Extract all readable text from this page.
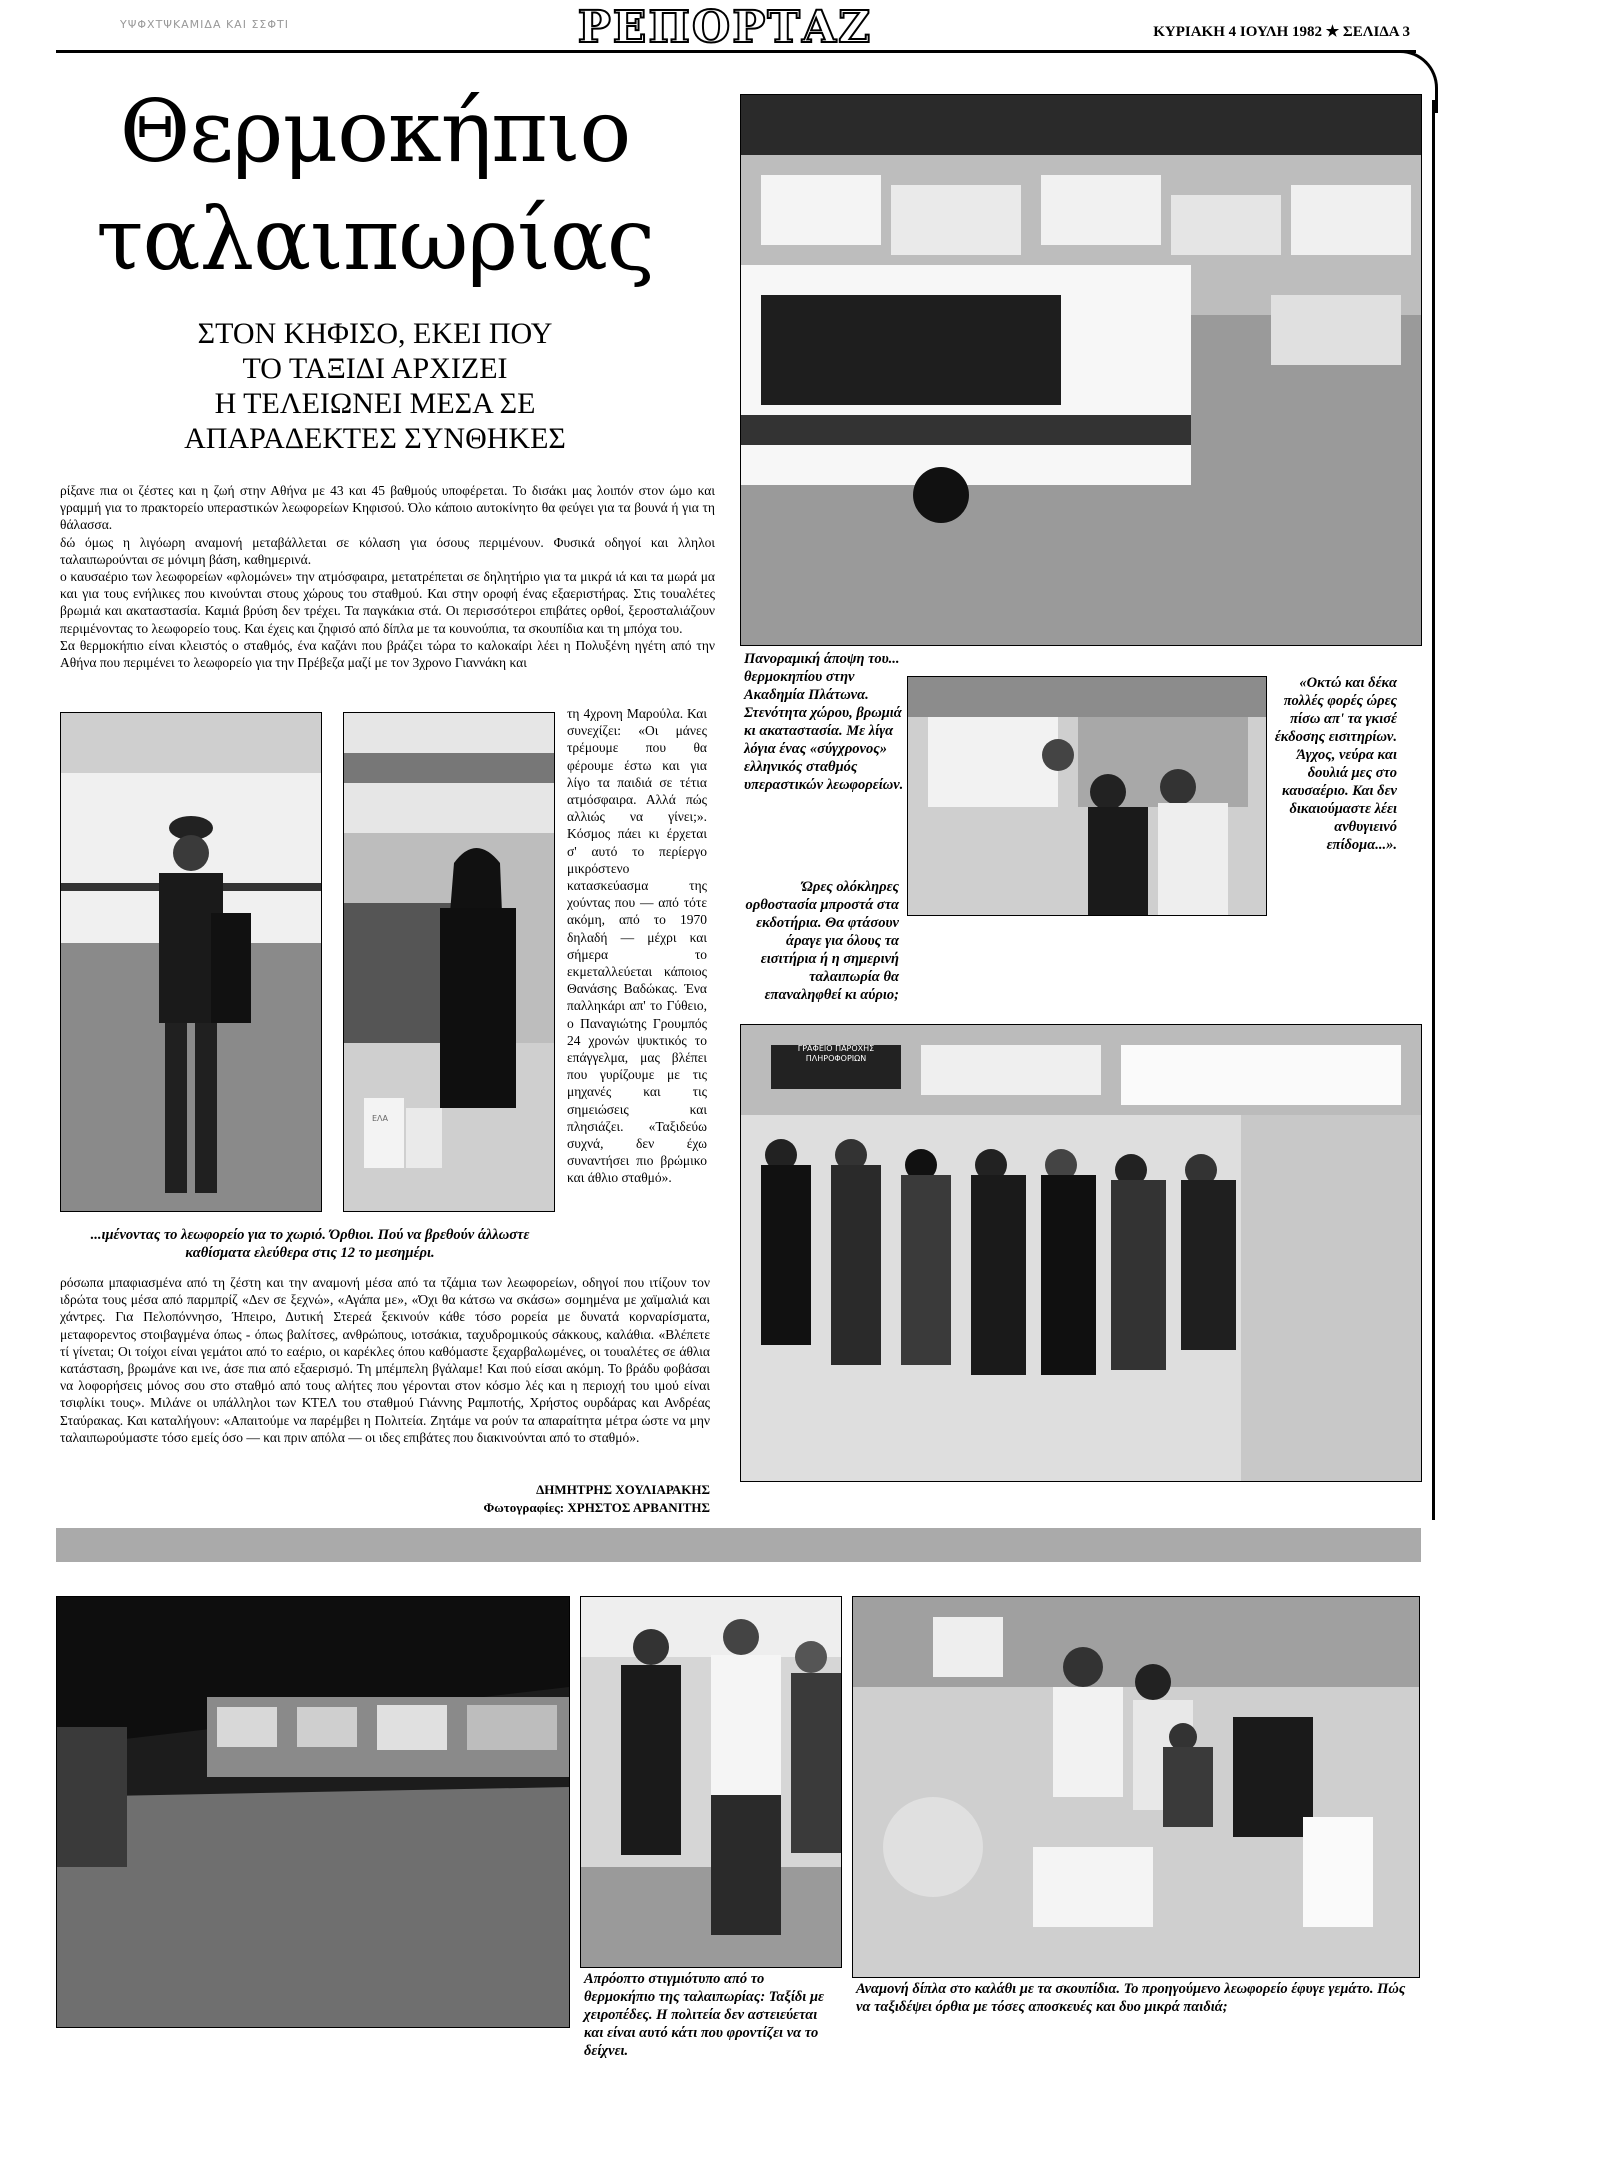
ΥΨΦΧΤΨΚΑΜΙΔΑ ΚΑΙ ΣΣΦΤΙ	ΡΕΠΟΡΤΑΖ	ΚΥΡΙΑΚΗ 4 ΙΟΥΛΗ 1982 ★ ΣΕΛΙΔΑ 3
Θερμοκήπιο
ταλαιπωρίας
ΣΤΟΝ ΚΗΦΙΣΟ, ΕΚΕΙ ΠΟΥ
ΤΟ ΤΑΞΙΔΙ ΑΡΧΙΖΕΙ
Η ΤΕΛΕΙΩΝΕΙ ΜΕΣΑ ΣΕ
ΑΠΑΡΑΔΕΚΤΕΣ ΣΥΝΘΗΚΕΣ

ρίξανε πια οι ζέστες και η ζωή στην Αθήνα με 43 και 45 βαθμούς υποφέρεται. Το δισάκι μας λοιπόν στον ώμο και γραμμή για το πρακτορείο υπεραστικών λεωφορείων Κηφισού. Όλο κάποιο αυτοκίνητο θα φεύγει για τα βουνά ή για τη θάλασσα.

δώ όμως η λιγόωρη αναμονή μεταβάλλεται σε κόλαση για όσους περιμένουν. Φυσικά οδηγοί και λληλοι ταλαιπωρούνται σε μόνιμη βάση, καθημερινά.

ο καυσαέριο των λεωφορείων «φλομώνει» την ατμόσφαιρα, μετατρέπεται σε δηλητήριο για τα μικρά ιά και τα μωρά μα και για τους ενήλικες που κινούνται στους χώρους του σταθμού. Και στην οροφή ένας εξαεριστήρας. Στις τουαλέτες βρωμιά και ακαταστασία. Καμιά βρύση δεν τρέχει. Τα παγκάκια στά. Οι περισσότεροι επιβάτες ορθοί, ξεροσταλιάζουν περιμένοντας το λεωφορείο τους. Και έχεις και ζηφισό από δίπλα με τα κουνούπια, τα σκουπίδια και τη μπόχα του.

Σα θερμοκήπιο είναι κλειστός ο σταθμός, ένα καζάνι που βράζει τώρα το καλοκαίρι λέει η Πολυξένη ηγέτη από την Αθήνα που περιμένει το λεωφορείο για την Πρέβεζα μαζί με τον 3χρονο Γιαννάκη και

ΕΛΑ

τη 4χρονη Μαρούλα. Και συνεχίζει: «Οι μάνες τρέμουμε που θα φέρουμε έστω και για λίγο τα παιδιά σε τέτια ατμόσφαιρα. Αλλά πώς αλλιώς να γίνει;». Κόσμος πάει κι έρχεται σ' αυτό το περίεργο μικρόστενο κατασκεύασμα της χούντας που — από τότε ακόμη, από το 1970 δηλαδή — μέχρι και σήμερα το εκμεταλλεύεται κάποιος Θανάσης Βαδώκας. Ένα παλληκάρι απ' το Γύθειο, ο Παναγιώτης Γρουμπός 24 χρονών ψυκτικός το επάγγελμα, μας βλέπει που γυρίζουμε με τις μηχανές και τις σημειώσεις και πλησιάζει. «Ταξιδεύω συχνά, δεν έχω συναντήσει πιο βρώμικο και άθλιο σταθμό».

...ιμένοντας το λεωφορείο για το χωριό. Όρθιοι. Πού να βρεθούν άλλωστε καθίσματα ελεύθερα στις 12 το μεσημέρι.

ρόσωπα μπαφιασμένα από τη ζέστη και την αναμονή μέσα από τα τζάμια των λεωφορείων, οδηγοί που ιτίζουν τον ιδρώτα τους μέσα από παρμπρίζ «Δεν σε ξεχνώ», «Αγάπα με», «Όχι θα κάτσω να σκάσω» σομημένα με χαϊμαλιά και χάντρες. Για Πελοπόννησο, Ήπειρο, Δυτική Στερεά ξεκινούν κάθε τόσο ρορεία με δυνατά κορναρίσματα, μεταφορεντος στοιβαγμένα όπως - όπως βαλίτσες, ανθρώπους, ιοτσάκια, ταχυδρομικούς σάκκους, καλάθια. «Βλέπετε τί γίνεται; Οι τοίχοι είναι γεμάτοι από το εαέριο, οι καρέκλες όπου καθόμαστε ξεχαρβαλωμένες, οι τουαλέτες σε άθλια κατάσταση, βρωμάνε και ινε, άσε πια από εξαερισμό. Τη μπέμπελη βγάλαμε! Και πού είσαι ακόμη. Το βράδυ φοβάσαι να λοφορήσεις μόνος σου στο σταθμό από τους αλήτες που γέρονται στον κόσμο λές και η περιοχή του ιμού είναι τσιφλίκι τους». Μιλάνε οι υπάλληλοι των ΚΤΕΛ του σταθμού Γιάννης Ραμποτής, Χρήστος ουρδάρας και Ανδρέας Σταύρακας. Και καταλήγουν: «Απαιτούμε να παρέμβει η Πολιτεία. Ζητάμε να ρούν τα απαραίτητα μέτρα ώστε να μην ταλαιπωρούμαστε τόσο εμείς όσο — και πριν απόλα — οι ιδες επιβάτες που διακινούνται από το σταθμό».

ΔΗΜΗΤΡΗΣ ΧΟΥΛΙΑΡΑΚΗΣ
Φωτογραφίες: ΧΡΗΣΤΟΣ ΑΡΒΑΝΙΤΗΣ
Πανοραμική άποψη του... θερμοκηπίου στην Ακαδημία Πλάτωνα. Στενότητα χώρου, βρωμιά κι ακαταστασία. Με λίγα λόγια ένας «σύγχρονος» ελληνικός σταθμός υπεραστικών λεωφορείων.
«Οκτώ και δέκα πολλές φορές ώρες πίσω απ' τα γκισέ έκδοσης εισιτηρίων. Άγχος, νεύρα και δουλιά μες στο καυσαέριο. Και δεν δικαιούμαστε λέει ανθυγιεινό επίδομα...».
Ώρες ολόκληρες ορθοστασία μπροστά στα εκδοτήρια. Θα φτάσουν άραγε για όλους τα εισιτήρια ή η σημερινή ταλαιπωρία θα επαναληφθεί κι αύριο;
ΓΡΑΦΕΙΟ ΠΑΡΟΧΗΣ ΠΛΗΡΟΦΟΡΙΩΝ
Απρόοπτο στιγμιότυπο από το θερμοκήπιο της ταλαιπωρίας: Ταξίδι με χειροπέδες. Η πολιτεία δεν αστειεύεται και είναι αυτό κάτι που φροντίζει να το δείχνει.
Αναμονή δίπλα στο καλάθι με τα σκουπίδια. Το προηγούμενο λεωφορείο έφυγε γεμάτο. Πώς να ταξιδέψει όρθια με τόσες αποσκευές και δυο μικρά παιδιά;
